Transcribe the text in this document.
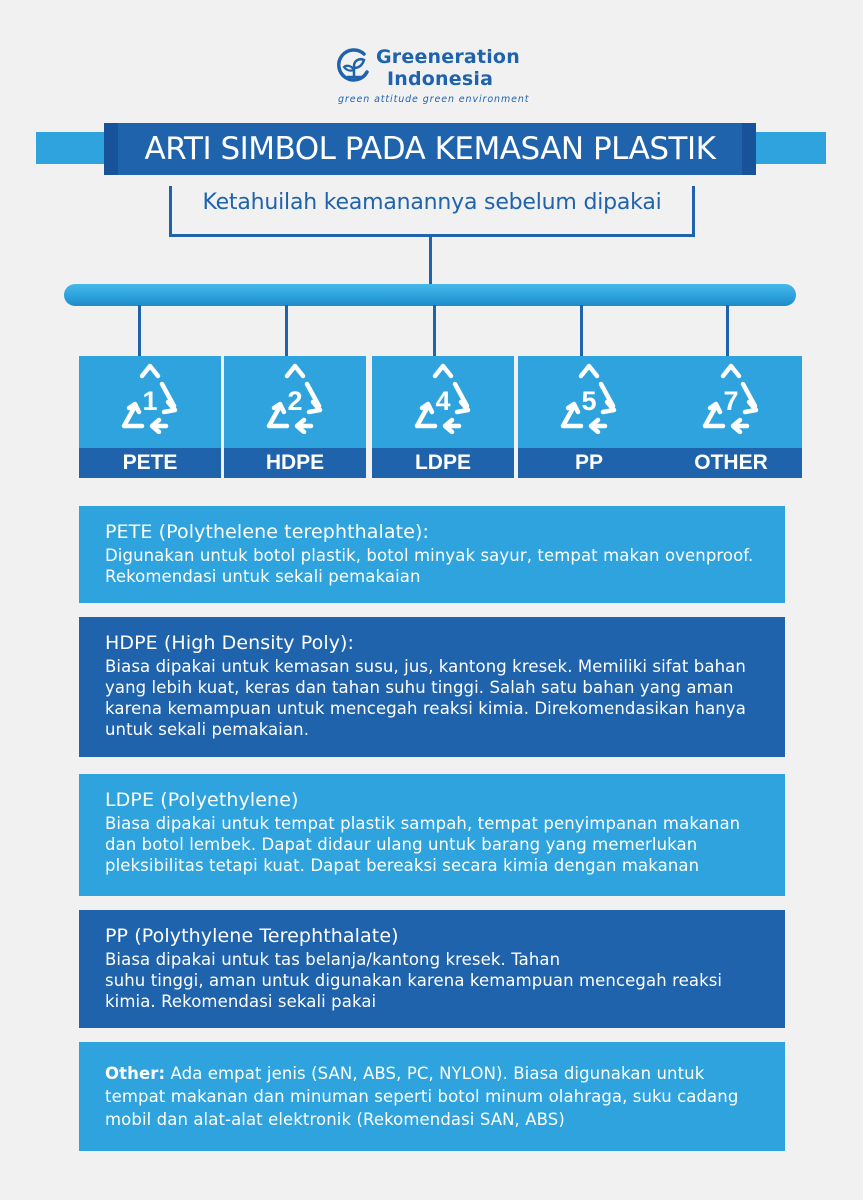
Greeneration
Indonesia
green attitude green environment
ARTI SIMBOL PADA KEMASAN PLASTIK
Ketahuilah keamanannya sebelum dipakai
1
PETE
2
HDPE
4
LDPE
5
PP
7
OTHER

PETE (Polythelene terephthalate):

Digunakan untuk botol plastik, botol minyak sayur, tempat makan ovenproof.

Rekomendasi untuk sekali pemakaian

HDPE (High Density Poly):

Biasa dipakai untuk kemasan susu, jus, kantong kresek. Memiliki sifat bahan

yang lebih kuat, keras dan tahan suhu tinggi. Salah satu bahan yang aman

karena kemampuan untuk mencegah reaksi kimia. Direkomendasikan hanya

untuk sekali pemakaian.

LDPE (Polyethylene)

Biasa dipakai untuk tempat plastik sampah, tempat penyimpanan makanan

dan botol lembek. Dapat didaur ulang untuk barang yang memerlukan

pleksibilitas tetapi kuat. Dapat bereaksi secara kimia dengan makanan

PP (Polythylene Terephthalate)

Biasa dipakai untuk tas belanja/kantong kresek. Tahan

suhu tinggi, aman untuk digunakan karena kemampuan mencegah reaksi

kimia. Rekomendasi sekali pakai

Other: Ada empat jenis (SAN, ABS, PC, NYLON). Biasa digunakan untuk

tempat makanan dan minuman seperti botol minum olahraga, suku cadang

mobil dan alat-alat elektronik (Rekomendasi SAN, ABS)
